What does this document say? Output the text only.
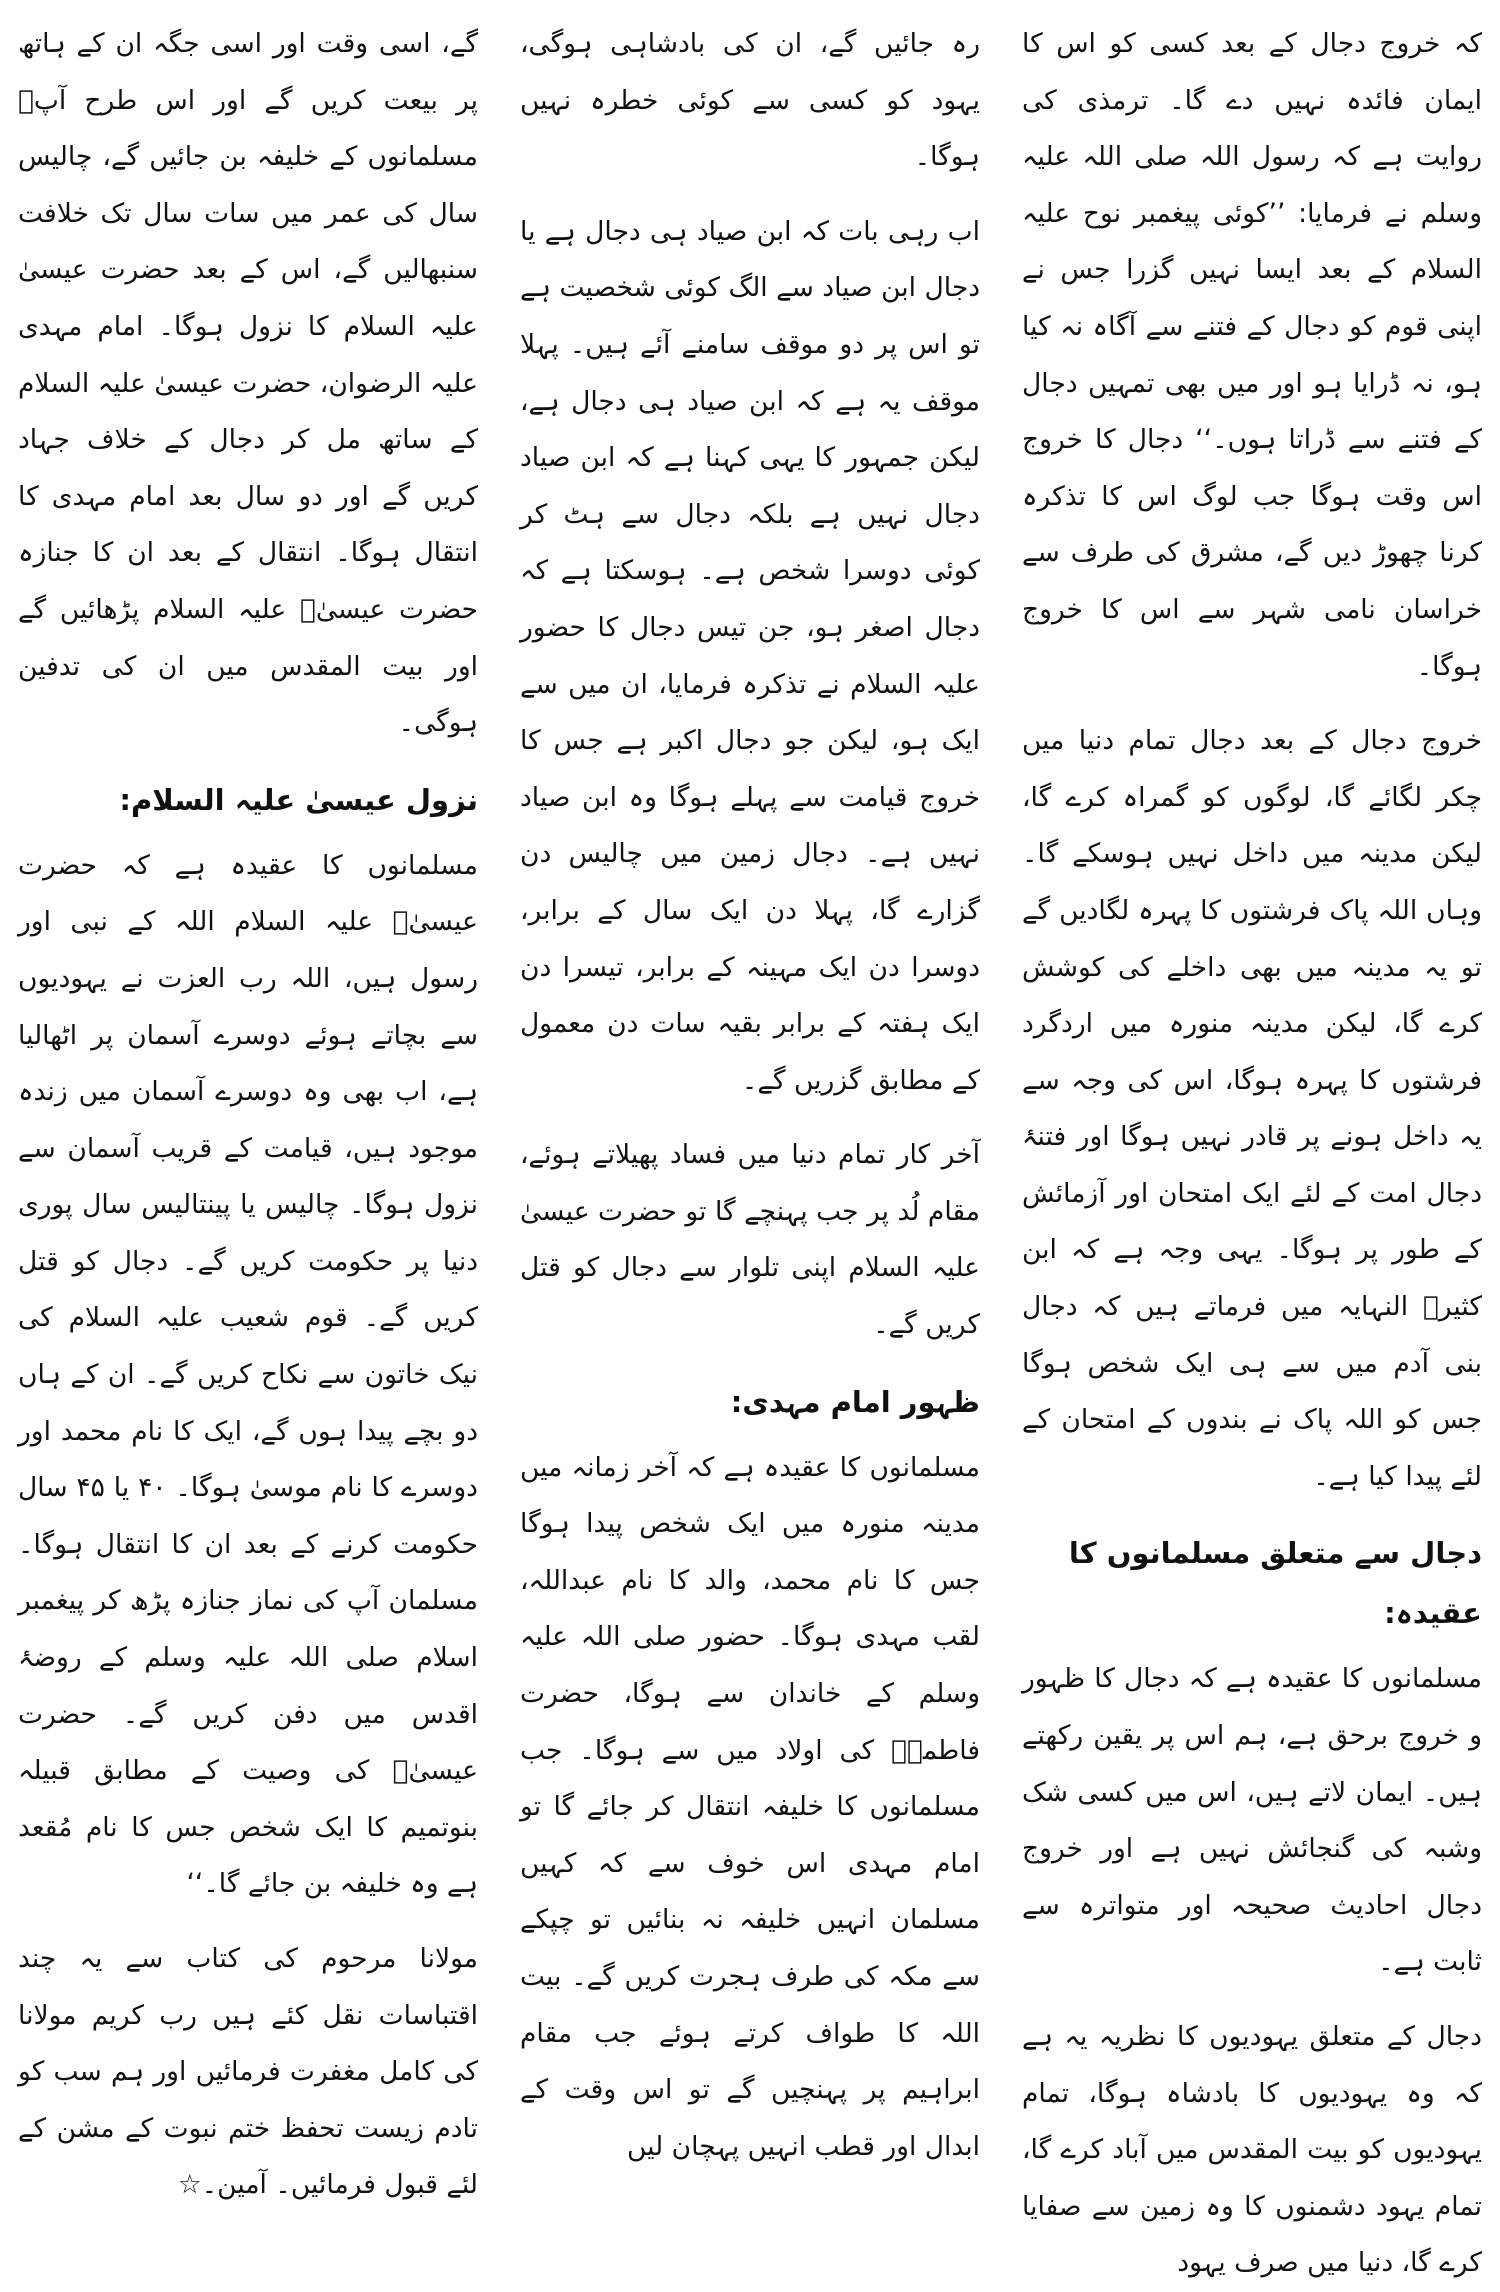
کہ خروج دجال کے بعد کسی کو اس کا ایمان فائدہ نہیں دے گا۔ ترمذی کی روایت ہے کہ رسول اللہ صلی اللہ علیہ وسلم نے فرمایا: ’’کوئی پیغمبر نوح علیہ السلام کے بعد ایسا نہیں گزرا جس نے اپنی قوم کو دجال کے فتنے سے آگاہ نہ کیا ہو، نہ ڈرایا ہو اور میں بھی تمہیں دجال کے فتنے سے ڈراتا ہوں۔‘‘ دجال کا خروج اس وقت ہوگا جب لوگ اس کا تذکرہ کرنا چھوڑ دیں گے، مشرق کی طرف سے خراسان نامی شہر سے اس کا خروج ہوگا۔

خروج دجال کے بعد دجال تمام دنیا میں چکر لگائے گا، لوگوں کو گمراہ کرے گا، لیکن مدینہ میں داخل نہیں ہوسکے گا۔ وہاں اللہ پاک فرشتوں کا پہرہ لگادیں گے تو یہ مدینہ میں بھی داخلے کی کوشش کرے گا، لیکن مدینہ منورہ میں اردگرد فرشتوں کا پہرہ ہوگا، اس کی وجہ سے یہ داخل ہونے پر قادر نہیں ہوگا اور فتنۂ دجال امت کے لئے ایک امتحان اور آزمائش کے طور پر ہوگا۔ یہی وجہ ہے کہ ابن کثیرؒ النہایہ میں فرماتے ہیں کہ دجال بنی آدم میں سے ہی ایک شخص ہوگا جس کو اللہ پاک نے بندوں کے امتحان کے لئے پیدا کیا ہے۔

دجال سے متعلق مسلمانوں کا عقیدہ:

مسلمانوں کا عقیدہ ہے کہ دجال کا ظہور و خروج برحق ہے، ہم اس پر یقین رکھتے ہیں۔ ایمان لاتے ہیں، اس میں کسی شک وشبہ کی گنجائش نہیں ہے اور خروج دجال احادیث صحیحہ اور متواترہ سے ثابت ہے۔

دجال کے متعلق یہودیوں کا نظریہ یہ ہے کہ وہ یہودیوں کا بادشاہ ہوگا، تمام یہودیوں کو بیت المقدس میں آباد کرے گا، تمام یہود دشمنوں کا وہ زمین سے صفایا کرے گا، دنیا میں صرف یہود

رہ جائیں گے، ان کی بادشاہی ہوگی، یہود کو کسی سے کوئی خطرہ نہیں ہوگا۔

اب رہی بات کہ ابن صیاد ہی دجال ہے یا دجال ابن صیاد سے الگ کوئی شخصیت ہے تو اس پر دو موقف سامنے آئے ہیں۔ پہلا موقف یہ ہے کہ ابن صیاد ہی دجال ہے، لیکن جمہور کا یہی کہنا ہے کہ ابن صیاد دجال نہیں ہے بلکہ دجال سے ہٹ کر کوئی دوسرا شخص ہے۔ ہوسکتا ہے کہ دجال اصغر ہو، جن تیس دجال کا حضور علیہ السلام نے تذکرہ فرمایا، ان میں سے ایک ہو، لیکن جو دجال اکبر ہے جس کا خروج قیامت سے پہلے ہوگا وہ ابن صیاد نہیں ہے۔ دجال زمین میں چالیس دن گزارے گا، پہلا دن ایک سال کے برابر، دوسرا دن ایک مہینہ کے برابر، تیسرا دن ایک ہفتہ کے برابر بقیہ سات دن معمول کے مطابق گزریں گے۔

آخر کار تمام دنیا میں فساد پھیلاتے ہوئے، مقام لُد پر جب پہنچے گا تو حضرت عیسیٰ علیہ السلام اپنی تلوار سے دجال کو قتل کریں گے۔

ظہور امام مہدی:

مسلمانوں کا عقیدہ ہے کہ آخر زمانہ میں مدینہ منورہ میں ایک شخص پیدا ہوگا جس کا نام محمد، والد کا نام عبداللہ، لقب مہدی ہوگا۔ حضور صلی اللہ علیہ وسلم کے خاندان سے ہوگا، حضرت فاطمہؓ کی اولاد میں سے ہوگا۔ جب مسلمانوں کا خلیفہ انتقال کر جائے گا تو امام مہدی اس خوف سے کہ کہیں مسلمان انہیں خلیفہ نہ بنائیں تو چپکے سے مکہ کی طرف ہجرت کریں گے۔ بیت اللہ کا طواف کرتے ہوئے جب مقام ابراہیم پر پہنچیں گے تو اس وقت کے ابدال اور قطب انہیں پہچان لیں

گے، اسی وقت اور اسی جگہ ان کے ہاتھ پر بیعت کریں گے اور اس طرح آپؒ مسلمانوں کے خلیفہ بن جائیں گے، چالیس سال کی عمر میں سات سال تک خلافت سنبھالیں گے، اس کے بعد حضرت عیسیٰ علیہ السلام کا نزول ہوگا۔ امام مہدی علیہ الرضوان، حضرت عیسیٰ علیہ السلام کے ساتھ مل کر دجال کے خلاف جہاد کریں گے اور دو سال بعد امام مہدی کا انتقال ہوگا۔ انتقال کے بعد ان کا جنازہ حضرت عیسیٰؑ علیہ السلام پڑھائیں گے اور بیت المقدس میں ان کی تدفین ہوگی۔

نزول عیسیٰ علیہ السلام:

مسلمانوں کا عقیدہ ہے کہ حضرت عیسیٰؑ علیہ السلام اللہ کے نبی اور رسول ہیں، اللہ رب العزت نے یہودیوں سے بچاتے ہوئے دوسرے آسمان پر اٹھالیا ہے، اب بھی وہ دوسرے آسمان میں زندہ موجود ہیں، قیامت کے قریب آسمان سے نزول ہوگا۔ چالیس یا پینتالیس سال پوری دنیا پر حکومت کریں گے۔ دجال کو قتل کریں گے۔ قوم شعیب علیہ السلام کی نیک خاتون سے نکاح کریں گے۔ ان کے ہاں دو بچے پیدا ہوں گے، ایک کا نام محمد اور دوسرے کا نام موسیٰ ہوگا۔ ۴۰ یا ۴۵ سال حکومت کرنے کے بعد ان کا انتقال ہوگا۔ مسلمان آپ کی نماز جنازہ پڑھ کر پیغمبر اسلام صلی اللہ علیہ وسلم کے روضۂ اقدس میں دفن کریں گے۔ حضرت عیسیٰؑ کی وصیت کے مطابق قبیلہ بنوتمیم کا ایک شخص جس کا نام مُقعد ہے وہ خلیفہ بن جائے گا۔‘‘

مولانا مرحوم کی کتاب سے یہ چند اقتباسات نقل کئے ہیں رب کریم مولانا کی کامل مغفرت فرمائیں اور ہم سب کو تادم زیست تحفظ ختم نبوت کے مشن کے لئے قبول فرمائیں۔ آمین۔☆
